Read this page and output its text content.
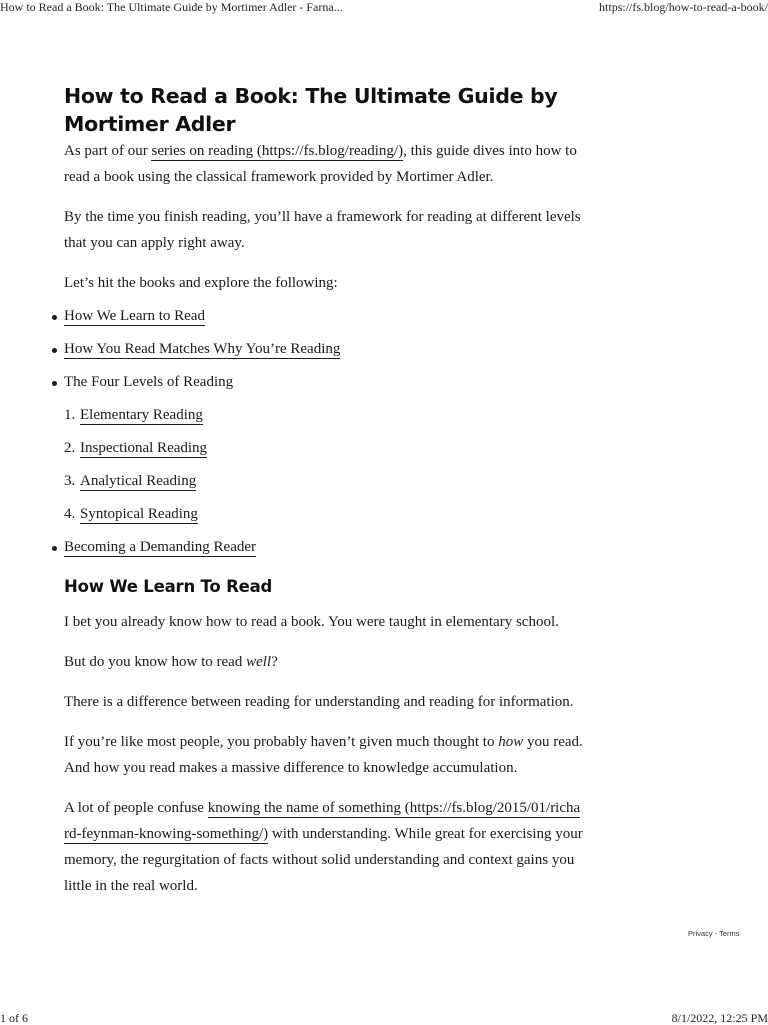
How to Read a Book: The Ultimate Guide by Mortimer Adler - Farna...	https://fs.blog/how-to-read-a-book/
How to Read a Book: The Ultimate Guide by Mortimer Adler

As part of our series on reading (https://fs.blog/reading/), this guide dives into how to read a book using the classical framework provided by Mortimer Adler.

By the time you finish reading, you’ll have a framework for reading at different levels that you can apply right away.

Let’s hit the books and explore the following:

How We Learn to Read
How You Read Matches Why You’re Reading
The Four Levels of Reading
1. Elementary Reading
2. Inspectional Reading
3. Analytical Reading
4. Syntopical Reading
Becoming a Demanding Reader
How We Learn To Read

I bet you already know how to read a book. You were taught in elementary school.

But do you know how to read well?

There is a difference between reading for understanding and reading for information.

If you’re like most people, you probably haven’t given much thought to how you read. And how you read makes a massive difference to knowledge accumulation.

A lot of people confuse knowing the name of something (https://fs.blog/2015/01/richard-feynman-knowing-something/) with understanding. While great for exercising your memory, the regurgitation of facts without solid understanding and context gains you little in the real world.

Privacy - Terms
1 of 6	8/1/2022, 12:25 PM
